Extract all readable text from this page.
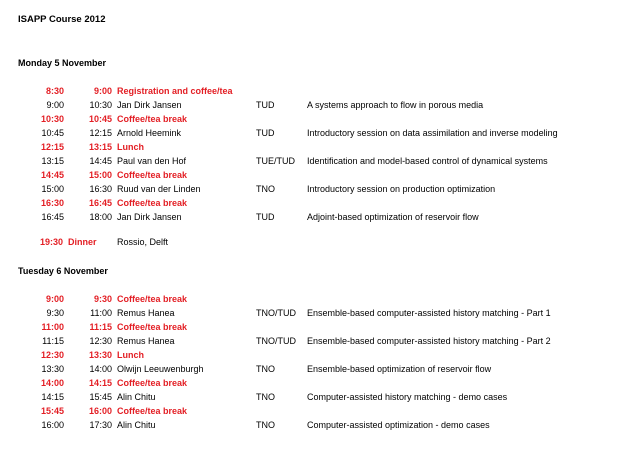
ISAPP Course 2012
Monday 5 November
8:30	9:00 Registration and coffee/tea
9:00	10:30 Jan Dirk Jansen	TUD	A systems approach to flow in porous media
10:30	10:45 Coffee/tea break
10:45	12:15 Arnold Heemink	TUD	Introductory session on data assimilation and inverse modeling
12:15	13:15 Lunch
13:15	14:45 Paul van den Hof	TUE/TUD Identification and model-based control of dynamical systems
14:45	15:00 Coffee/tea break
15:00	16:30 Ruud van der Linden	TNO	Introductory session on production optimization
16:30	16:45 Coffee/tea break
16:45	18:00 Jan Dirk Jansen	TUD	Adjoint-based optimization of reservoir flow
19:30 Dinner Rossio, Delft
Tuesday 6 November
9:00	9:30 Coffee/tea break
9:30	11:00 Remus Hanea	TNO/TUD Ensemble-based computer-assisted history matching - Part 1
11:00	11:15 Coffee/tea break
11:15	12:30 Remus Hanea	TNO/TUD Ensemble-based computer-assisted history matching - Part 2
12:30	13:30 Lunch
13:30	14:00 Olwijn Leeuwenburgh	TNO	Ensemble-based optimization of reservoir flow
14:00	14:15 Coffee/tea break
14:15	15:45 Alin Chitu	TNO	Computer-assisted history matching - demo cases
15:45	16:00 Coffee/tea break
16:00	17:30 Alin Chitu	TNO	Computer-assisted optimization - demo cases
